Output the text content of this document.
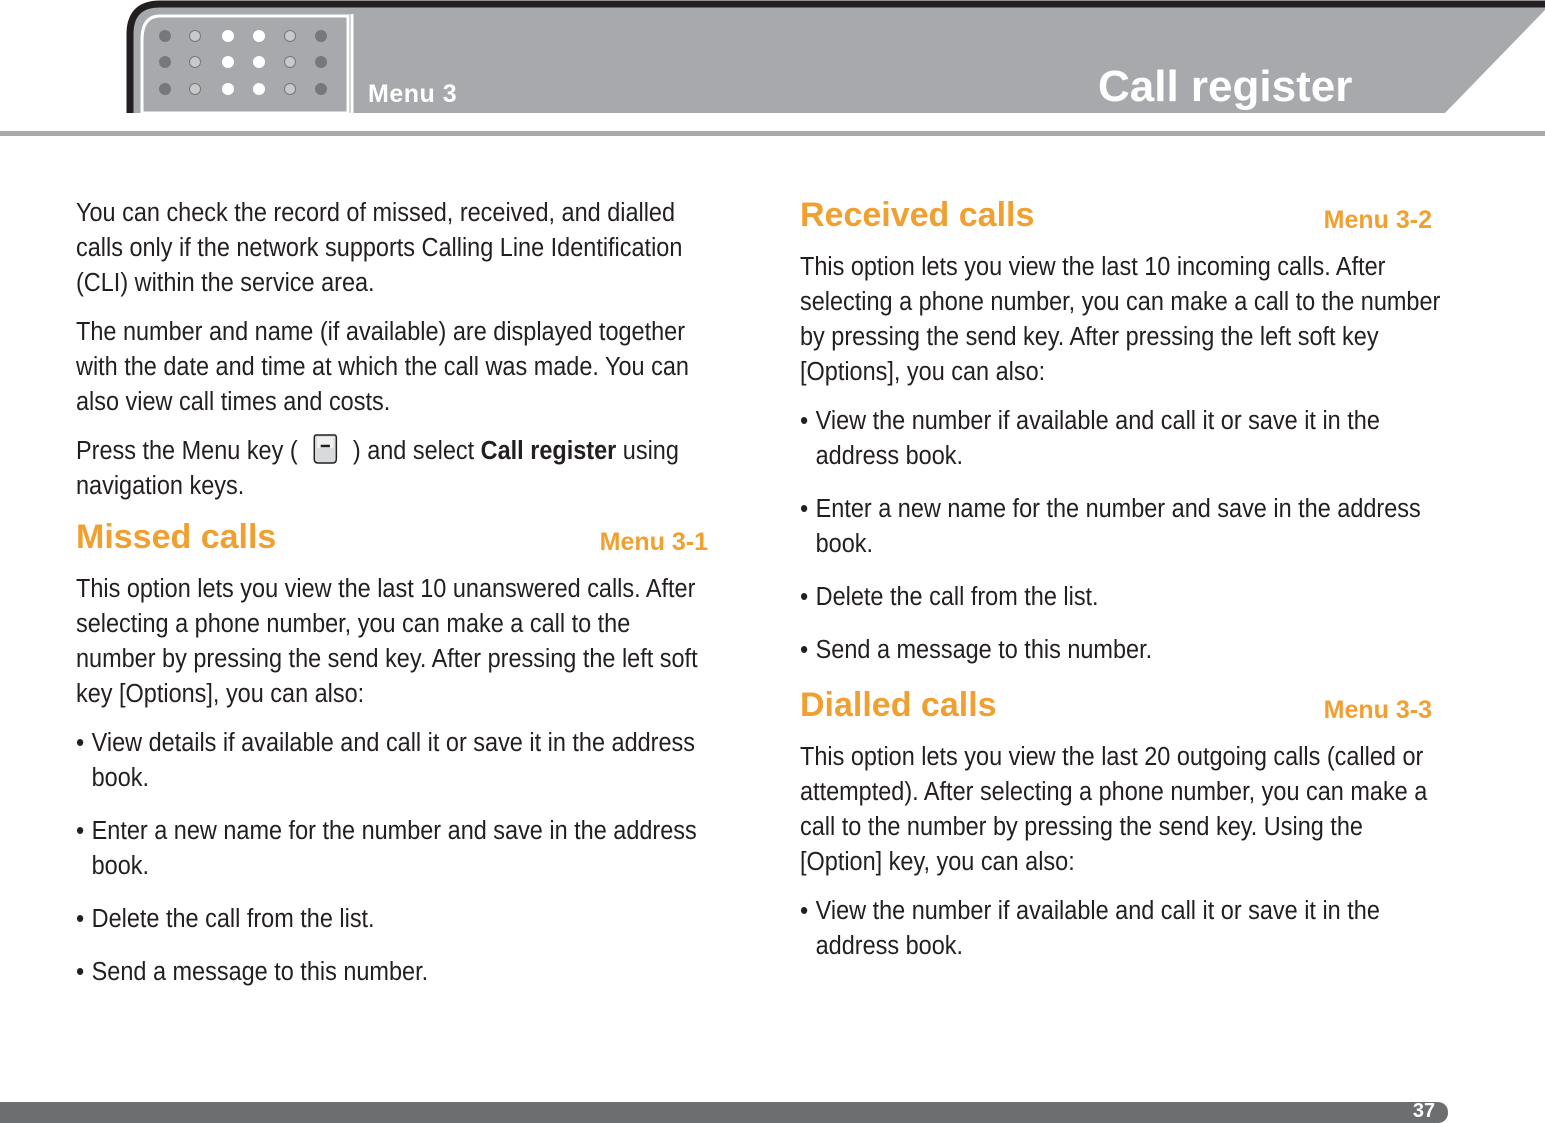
Menu 3	Call register

You can check the record of missed, received, and dialled calls only if the network supports Calling Line Identification (CLI) within the service area.

The number and name (if available) are displayed together with the date and time at which the call was made. You can also view call times and costs.

Press the Menu key ( ) and select Call register using navigation keys.

Missed calls	Menu 3-1

This option lets you view the last 10 unanswered calls. After selecting a phone number, you can make a call to the number by pressing the send key. After pressing the left soft key [Options], you can also:

• View details if available and call it or save it in the address book.
• Enter a new name for the number and save in the address book.
• Delete the call from the list.
• Send a message to this number.
Received calls	Menu 3-2

This option lets you view the last 10 incoming calls. After selecting a phone number, you can make a call to the number by pressing the send key. After pressing the left soft key [Options], you can also:

• View the number if available and call it or save it in the address book.
• Enter a new name for the number and save in the address book.
• Delete the call from the list.
• Send a message to this number.
Dialled calls	Menu 3-3

This option lets you view the last 20 outgoing calls (called or attempted). After selecting a phone number, you can make a call to the number by pressing the send key. Using the [Option] key, you can also:

• View the number if available and call it or save it in the address book.
37
